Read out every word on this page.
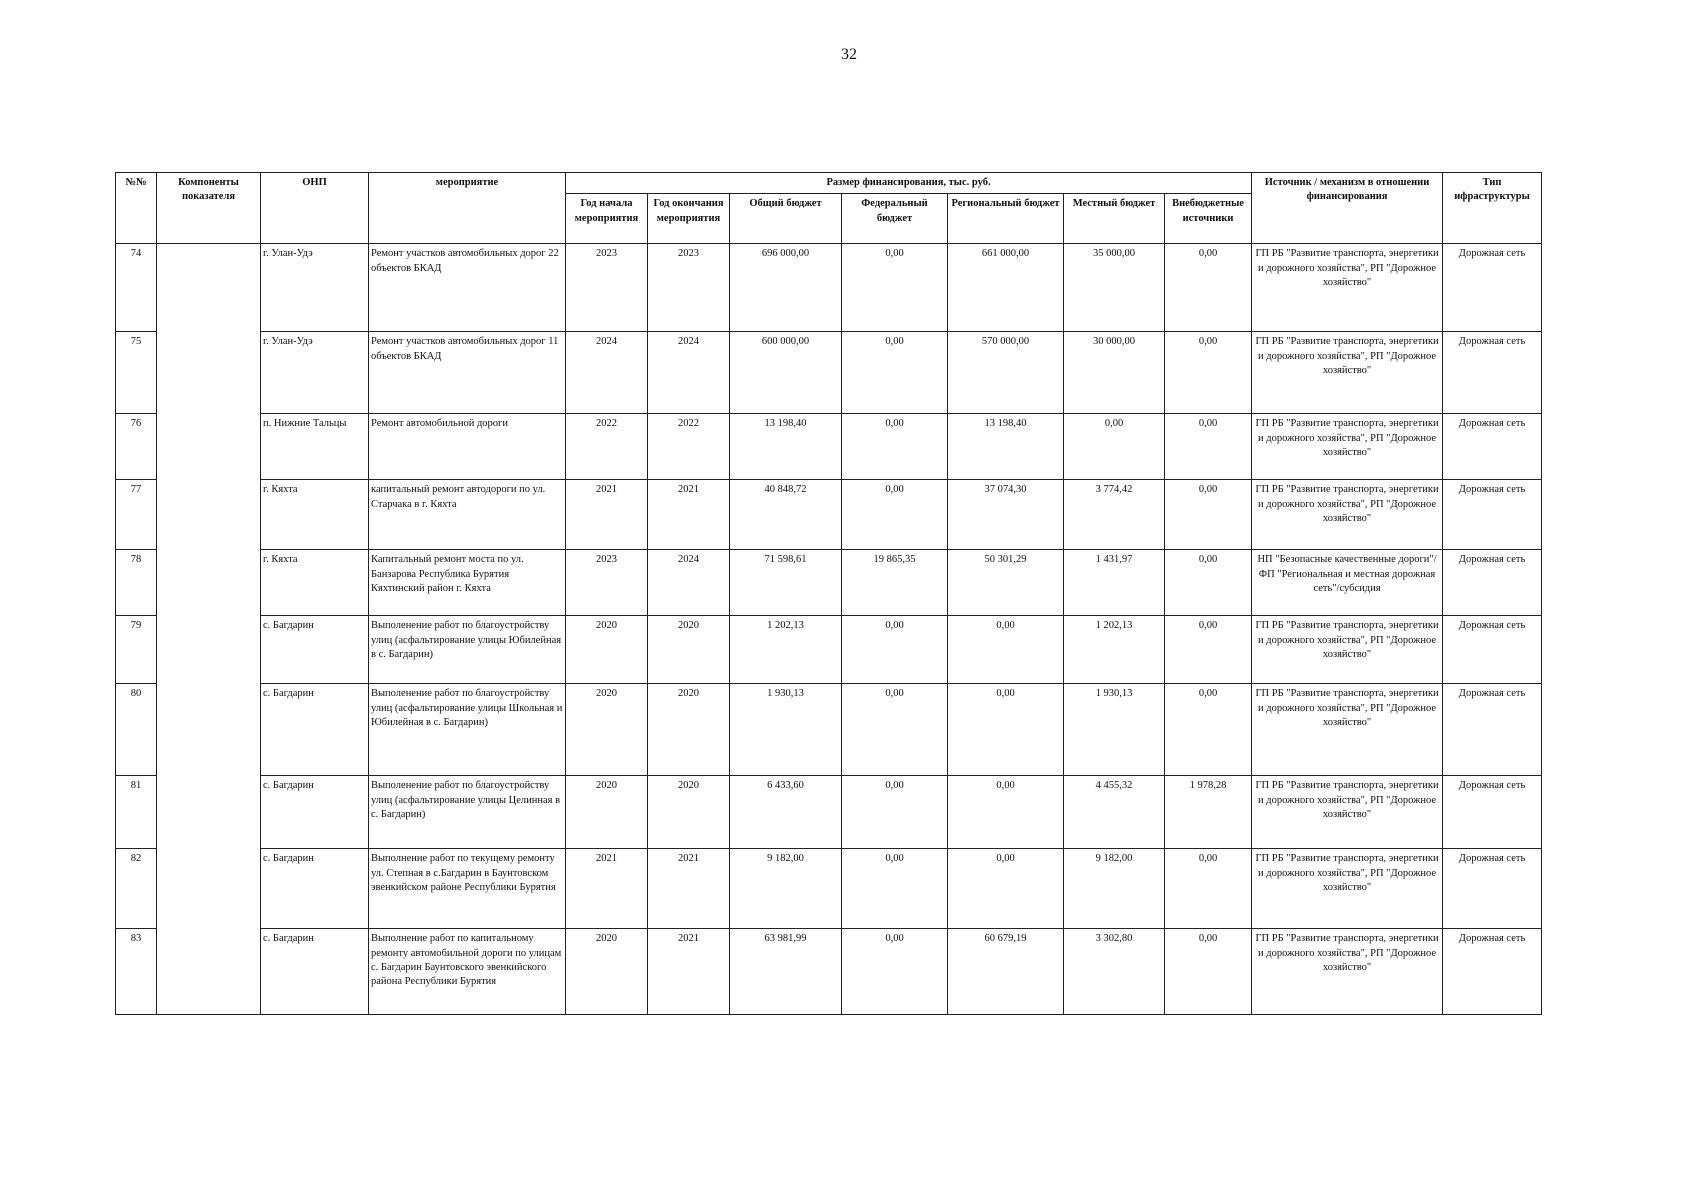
32
№№	Компоненты показателя	ОНП	мероприятие	Размер финансирования, тыс. руб.							Источник / механизм в отношении финансирования	Тип ифраструктуры
				Год начала мероприятия	Год окончания мероприятия	Общий бюджет	Федеральный бюджет	Региональный бюджет	Местный бюджет	Внебюджетные источники		
74		г. Улан-Удэ	Ремонт участков автомобильных дорог 22 объектов БКАД	2023	2023	696 000,00	0,00	661 000,00	35 000,00	0,00	ГП РБ "Развитие транспорта, энергетики и дорожного хозяйства", РП "Дорожное хозяйство"	Дорожная сеть
75		г. Улан-Удэ	Ремонт участков автомобильных дорог 11 объектов БКАД	2024	2024	600 000,00	0,00	570 000,00	30 000,00	0,00	ГП РБ "Развитие транспорта, энергетики и дорожного хозяйства", РП "Дорожное хозяйство"	Дорожная сеть
76		п. Нижние Тальцы	Ремонт автомобильной дороги	2022	2022	13 198,40	0,00	13 198,40	0,00	0,00	ГП РБ "Развитие транспорта, энергетики и дорожного хозяйства", РП "Дорожное хозяйство"	Дорожная сеть
77		г. Кяхта	капитальный ремонт автодороги по ул. Старчака в г. Кяхта	2021	2021	40 848,72	0,00	37 074,30	3 774,42	0,00	ГП РБ "Развитие транспорта, энергетики и дорожного хозяйства", РП "Дорожное хозяйство"	Дорожная сеть
78		г. Кяхта	Капитальный ремонт моста по ул. Банзарова Республика Бурятия Кяхтинский район г. Кяхта	2023	2024	71 598,61	19 865,35	50 301,29	1 431,97	0,00	НП "Безопасные качественные дороги"/ФП "Региональная и местная дорожная сеть"/субсидия	Дорожная сеть
79		с. Багдарин	Выполенение работ по благоустройству улиц (асфальтирование улицы Юбилейная в с. Багдарин)	2020	2020	1 202,13	0,00	0,00	1 202,13	0,00	ГП РБ "Развитие транспорта, энергетики и дорожного хозяйства", РП "Дорожное хозяйство"	Дорожная сеть
80		с. Багдарин	Выполенение работ по благоустройству улиц (асфальтирование улицы Школьная и Юбилейная в с. Багдарин)	2020	2020	1 930,13	0,00	0,00	1 930,13	0,00	ГП РБ "Развитие транспорта, энергетики и дорожного хозяйства", РП "Дорожное хозяйство"	Дорожная сеть
81		с. Багдарин	Выполенение работ по благоустройству улиц (асфальтирование улицы Целинная в с. Багдарин)	2020	2020	6 433,60	0,00	0,00	4 455,32	1 978,28	ГП РБ "Развитие транспорта, энергетики и дорожного хозяйства", РП "Дорожное хозяйство"	Дорожная сеть
82		с. Багдарин	Выполнение работ по текущему ремонту ул. Степная в с.Багдарин в Баунтовском эвенкийском районе Республики Бурятия	2021	2021	9 182,00	0,00	0,00	9 182,00	0,00	ГП РБ "Развитие транспорта, энергетики и дорожного хозяйства", РП "Дорожное хозяйство"	Дорожная сеть
83		с. Багдарин	Выполнение работ по капитальному ремонту автомобильной дороги по улицам с. Багдарин Баунтовского эвенкийского района Республики Бурятия	2020	2021	63 981,99	0,00	60 679,19	3 302,80	0,00	ГП РБ "Развитие транспорта, энергетики и дорожного хозяйства", РП "Дорожное хозяйство"	Дорожная сеть
